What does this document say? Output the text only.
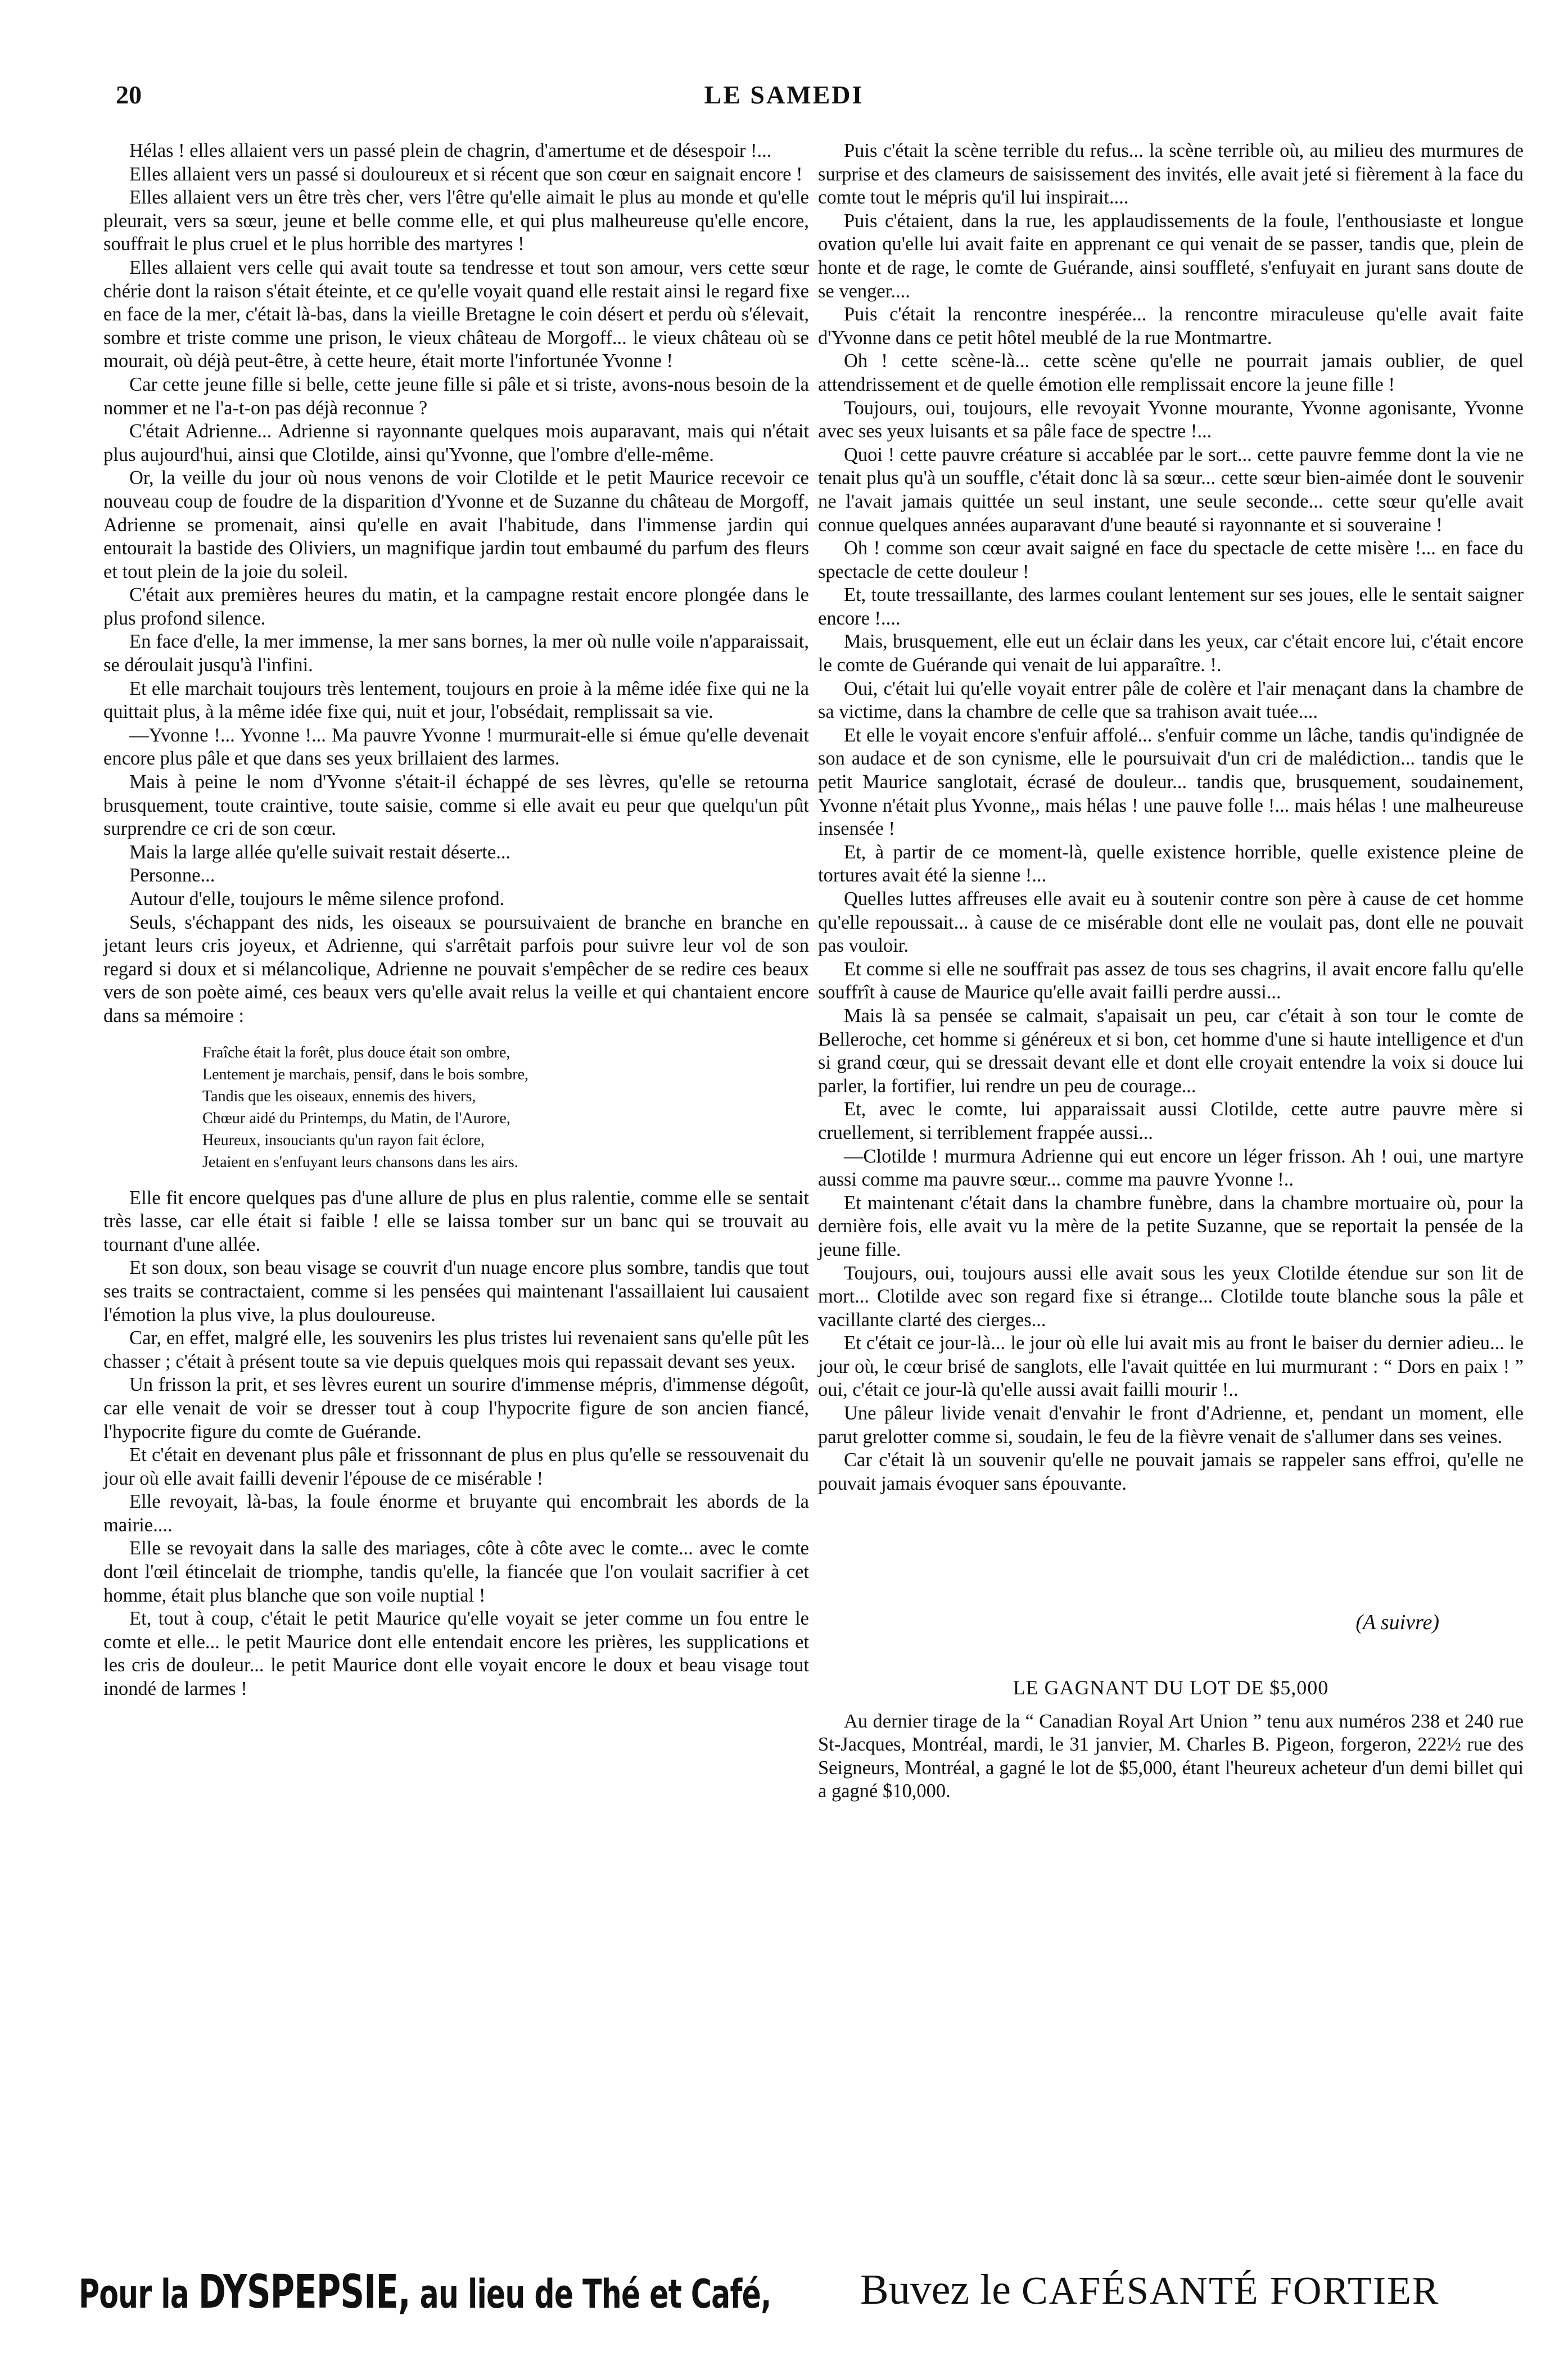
20	LE SAMEDI

Hélas ! elles allaient vers un passé plein de chagrin, d'amertume et de désespoir !...

Elles allaient vers un passé si douloureux et si récent que son cœur en saignait encore !

Elles allaient vers un être très cher, vers l'être qu'elle aimait le plus au monde et qu'elle pleurait, vers sa sœur, jeune et belle comme elle, et qui plus malheureuse qu'elle encore, souffrait le plus cruel et le plus horrible des martyres !

Elles allaient vers celle qui avait toute sa tendresse et tout son amour, vers cette sœur chérie dont la raison s'était éteinte, et ce qu'elle voyait quand elle restait ainsi le regard fixe en face de la mer, c'était là-bas, dans la vieille Bretagne le coin désert et perdu où s'élevait, sombre et triste comme une prison, le vieux château de Morgoff... le vieux château où se mourait, où déjà peut-être, à cette heure, était morte l'infortunée Yvonne !

Car cette jeune fille si belle, cette jeune fille si pâle et si triste, avons-nous besoin de la nommer et ne l'a-t-on pas déjà reconnue ?

C'était Adrienne... Adrienne si rayonnante quelques mois auparavant, mais qui n'était plus aujourd'hui, ainsi que Clotilde, ainsi qu'Yvonne, que l'ombre d'elle-même.

Or, la veille du jour où nous venons de voir Clotilde et le petit Maurice recevoir ce nouveau coup de foudre de la disparition d'Yvonne et de Suzanne du château de Morgoff, Adrienne se promenait, ainsi qu'elle en avait l'habitude, dans l'immense jardin qui entourait la bastide des Oliviers, un magnifique jardin tout embaumé du parfum des fleurs et tout plein de la joie du soleil.

C'était aux premières heures du matin, et la campagne restait encore plongée dans le plus profond silence.

En face d'elle, la mer immense, la mer sans bornes, la mer où nulle voile n'apparaissait, se déroulait jusqu'à l'infini.

Et elle marchait toujours très lentement, toujours en proie à la même idée fixe qui ne la quittait plus, à la même idée fixe qui, nuit et jour, l'obsédait, remplissait sa vie.

—Yvonne !... Yvonne !... Ma pauvre Yvonne ! murmurait-elle si émue qu'elle devenait encore plus pâle et que dans ses yeux brillaient des larmes.

Mais à peine le nom d'Yvonne s'était-il échappé de ses lèvres, qu'elle se retourna brusquement, toute craintive, toute saisie, comme si elle avait eu peur que quelqu'un pût surprendre ce cri de son cœur.

Mais la large allée qu'elle suivait restait déserte...

Personne...

Autour d'elle, toujours le même silence profond.

Seuls, s'échappant des nids, les oiseaux se poursuivaient de branche en branche en jetant leurs cris joyeux, et Adrienne, qui s'arrêtait parfois pour suivre leur vol de son regard si doux et si mélancolique, Adrienne ne pouvait s'empêcher de se redire ces beaux vers de son poète aimé, ces beaux vers qu'elle avait relus la veille et qui chantaient encore dans sa mémoire :

Fraîche était la forêt, plus douce était son ombre,
Lentement je marchais, pensif, dans le bois sombre,
Tandis que les oiseaux, ennemis des hivers,
Chœur aidé du Printemps, du Matin, de l'Aurore,
Heureux, insouciants qu'un rayon fait éclore,
Jetaient en s'enfuyant leurs chansons dans les airs.

Elle fit encore quelques pas d'une allure de plus en plus ralentie, comme elle se sentait très lasse, car elle était si faible ! elle se laissa tomber sur un banc qui se trouvait au tournant d'une allée.

Et son doux, son beau visage se couvrit d'un nuage encore plus sombre, tandis que tout ses traits se contractaient, comme si les pensées qui maintenant l'assaillaient lui causaient l'émotion la plus vive, la plus douloureuse.

Car, en effet, malgré elle, les souvenirs les plus tristes lui revenaient sans qu'elle pût les chasser ; c'était à présent toute sa vie depuis quelques mois qui repassait devant ses yeux.

Un frisson la prit, et ses lèvres eurent un sourire d'immense mépris, d'immense dégoût, car elle venait de voir se dresser tout à coup l'hypocrite figure de son ancien fiancé, l'hypocrite figure du comte de Guérande.

Et c'était en devenant plus pâle et frissonnant de plus en plus qu'elle se ressouvenait du jour où elle avait failli devenir l'épouse de ce misérable !

Elle revoyait, là-bas, la foule énorme et bruyante qui encombrait les abords de la mairie....

Elle se revoyait dans la salle des mariages, côte à côte avec le comte... avec le comte dont l'œil étincelait de triomphe, tandis qu'elle, la fiancée que l'on voulait sacrifier à cet homme, était plus blanche que son voile nuptial !

Et, tout à coup, c'était le petit Maurice qu'elle voyait se jeter comme un fou entre le comte et elle... le petit Maurice dont elle entendait encore les prières, les supplications et les cris de douleur... le petit Maurice dont elle voyait encore le doux et beau visage tout inondé de larmes !

Puis c'était la scène terrible du refus... la scène terrible où, au milieu des murmures de surprise et des clameurs de saisissement des invités, elle avait jeté si fièrement à la face du comte tout le mépris qu'il lui inspirait....

Puis c'étaient, dans la rue, les applaudissements de la foule, l'enthousiaste et longue ovation qu'elle lui avait faite en apprenant ce qui venait de se passer, tandis que, plein de honte et de rage, le comte de Guérande, ainsi souffleté, s'enfuyait en jurant sans doute de se venger....

Puis c'était la rencontre inespérée... la rencontre miraculeuse qu'elle avait faite d'Yvonne dans ce petit hôtel meublé de la rue Montmartre.

Oh ! cette scène-là... cette scène qu'elle ne pourrait jamais oublier, de quel attendrissement et de quelle émotion elle remplissait encore la jeune fille !

Toujours, oui, toujours, elle revoyait Yvonne mourante, Yvonne agonisante, Yvonne avec ses yeux luisants et sa pâle face de spectre !...

Quoi ! cette pauvre créature si accablée par le sort... cette pauvre femme dont la vie ne tenait plus qu'à un souffle, c'était donc là sa sœur... cette sœur bien-aimée dont le souvenir ne l'avait jamais quittée un seul instant, une seule seconde... cette sœur qu'elle avait connue quelques années auparavant d'une beauté si rayonnante et si souveraine !

Oh ! comme son cœur avait saigné en face du spectacle de cette misère !... en face du spectacle de cette douleur !

Et, toute tressaillante, des larmes coulant lentement sur ses joues, elle le sentait saigner encore !....

Mais, brusquement, elle eut un éclair dans les yeux, car c'était encore lui, c'était encore le comte de Guérande qui venait de lui apparaître. !.

Oui, c'était lui qu'elle voyait entrer pâle de colère et l'air menaçant dans la chambre de sa victime, dans la chambre de celle que sa trahison avait tuée....

Et elle le voyait encore s'enfuir affolé... s'enfuir comme un lâche, tandis qu'indignée de son audace et de son cynisme, elle le poursuivait d'un cri de malédiction... tandis que le petit Maurice sanglotait, écrasé de douleur... tandis que, brusquement, soudainement, Yvonne n'était plus Yvonne,, mais hélas ! une pauve folle !... mais hélas ! une malheureuse insensée !

Et, à partir de ce moment-là, quelle existence horrible, quelle existence pleine de tortures avait été la sienne !...

Quelles luttes affreuses elle avait eu à soutenir contre son père à cause de cet homme qu'elle repoussait... à cause de ce misérable dont elle ne voulait pas, dont elle ne pouvait pas vouloir.

Et comme si elle ne souffrait pas assez de tous ses chagrins, il avait encore fallu qu'elle souffrît à cause de Maurice qu'elle avait failli perdre aussi...

Mais là sa pensée se calmait, s'apaisait un peu, car c'était à son tour le comte de Belleroche, cet homme si généreux et si bon, cet homme d'une si haute intelligence et d'un si grand cœur, qui se dressait devant elle et dont elle croyait entendre la voix si douce lui parler, la fortifier, lui rendre un peu de courage...

Et, avec le comte, lui apparaissait aussi Clotilde, cette autre pauvre mère si cruellement, si terriblement frappée aussi...

—Clotilde ! murmura Adrienne qui eut encore un léger frisson. Ah ! oui, une martyre aussi comme ma pauvre sœur... comme ma pauvre Yvonne !..

Et maintenant c'était dans la chambre funèbre, dans la chambre mortuaire où, pour la dernière fois, elle avait vu la mère de la petite Suzanne, que se reportait la pensée de la jeune fille.

Toujours, oui, toujours aussi elle avait sous les yeux Clotilde étendue sur son lit de mort... Clotilde avec son regard fixe si étrange... Clotilde toute blanche sous la pâle et vacillante clarté des cierges...

Et c'était ce jour-là... le jour où elle lui avait mis au front le baiser du dernier adieu... le jour où, le cœur brisé de sanglots, elle l'avait quittée en lui murmurant : “ Dors en paix ! ” oui, c'était ce jour-là qu'elle aussi avait failli mourir !..

Une pâleur livide venait d'envahir le front d'Adrienne, et, pendant un moment, elle parut grelotter comme si, soudain, le feu de la fièvre venait de s'allumer dans ses veines.

Car c'était là un souvenir qu'elle ne pouvait jamais se rappeler sans effroi, qu'elle ne pouvait jamais évoquer sans épouvante.

(A suivre)
LE GAGNANT DU LOT DE $5,000

Au dernier tirage de la “ Canadian Royal Art Union ” tenu aux numéros 238 et 240 rue St-Jacques, Montréal, mardi, le 31 janvier, M. Charles B. Pigeon, forgeron, 222½ rue des Seigneurs, Montréal, a gagné le lot de $5,000, étant l'heureux acheteur d'un demi billet qui a gagné $10,000.

Pour la DYSPEPSIE, au lieu de Thé et Café, Buvez le CAFÉSANTÉ FORTIER
